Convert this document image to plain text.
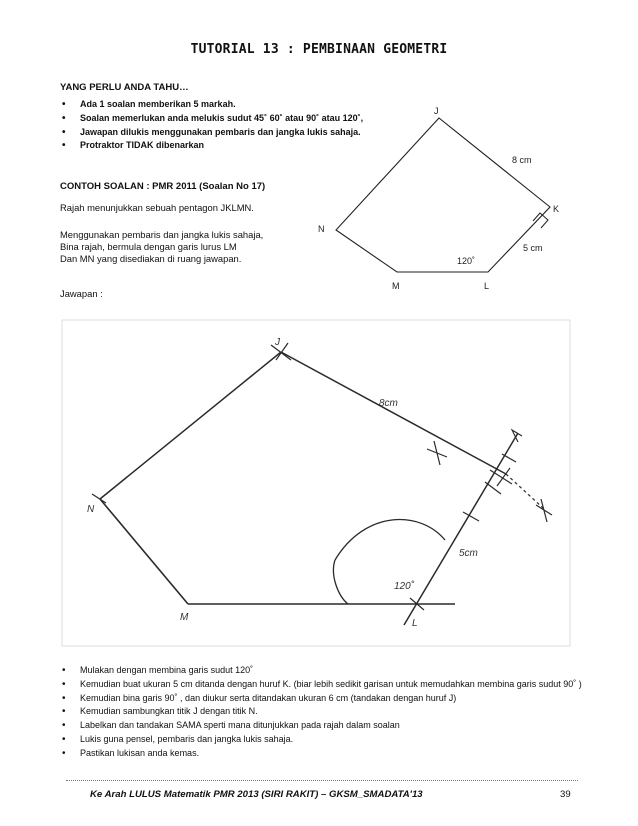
TUTORIAL 13 : PEMBINAAN GEOMETRI
YANG PERLU ANDA TAHU…
• Ada 1 soalan memberikan 5 markah.
• Soalan memerlukan anda melukis sudut 45˚ 60˚ atau 90˚ atau 120˚,
• Jawapan dilukis menggunakan pembaris dan jangka lukis sahaja.
• Protraktor TIDAK dibenarkan
CONTOH SOALAN : PMR 2011 (Soalan No 17)
Rajah menunjukkan sebuah pentagon JKLMN.
Menggunakan pembaris dan jangka lukis sahaja,
Bina rajah, bermula dengan garis lurus LM
Dan MN yang disediakan di ruang jawapan.
Jawapan :
J
K
L
M
N
8 cm
5 cm
120˚
N
M
L
J
8cm
5cm
120˚
• Mulakan dengan membina garis sudut 120˚
• Kemudian buat ukuran 5 cm ditanda dengan huruf K. (biar lebih sedikit garisan untuk memudahkan membina garis sudut 90˚ )
• Kemudian bina garis 90˚ , dan diukur serta ditandakan ukuran 6 cm (tandakan dengan huruf J)
• Kemudian sambungkan titik J dengan titik N.
• Labelkan dan tandakan SAMA sperti mana ditunjukkan pada rajah dalam soalan
• Lukis guna pensel, pembaris dan jangka lukis sahaja.
• Pastikan lukisan anda kemas.
Ke Arah LULUS Matematik PMR 2013 (SIRI RAKIT) – GKSM_SMADATA'13	39
